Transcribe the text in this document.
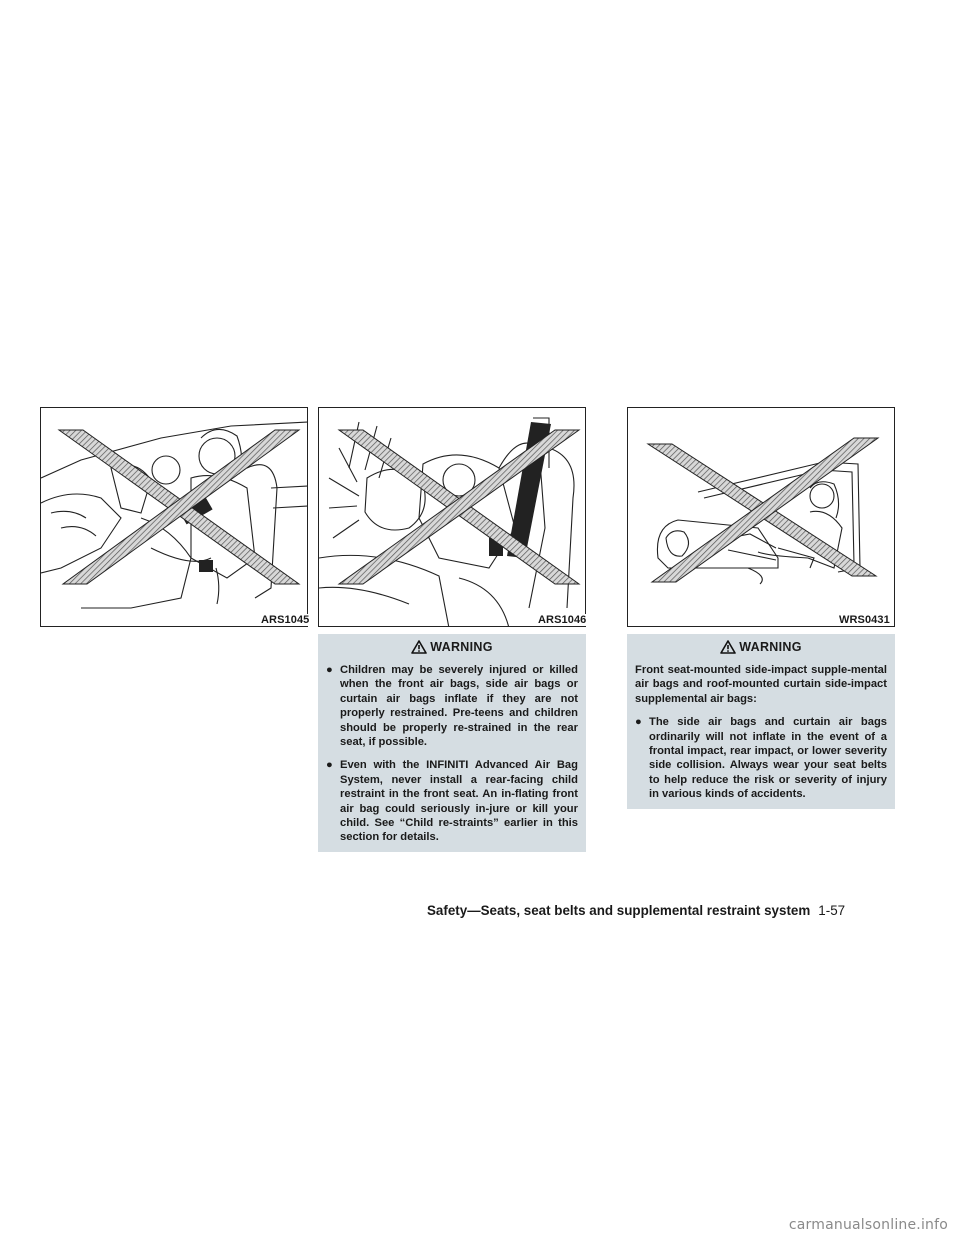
ARS1045	ARS1046	WRS0431
WARNING
● Children may be severely injured or killed when the front air bags, side air bags or curtain air bags inflate if they are not properly restrained. Pre-teens and children should be properly re-strained in the rear seat, if possible.
● Even with the INFINITI Advanced Air Bag System, never install a rear-facing child restraint in the front seat. An in-flating front air bag could seriously in-jure or kill your child. See “Child re-straints” earlier in this section for details.
WARNING

Front seat-mounted side-impact supple-mental air bags and roof-mounted curtain side-impact supplemental air bags:

● The side air bags and curtain air bags ordinarily will not inflate in the event of a frontal impact, rear impact, or lower severity side collision. Always wear your seat belts to help reduce the risk or severity of injury in various kinds of accidents.
Safety—Seats, seat belts and supplemental restraint system 1-57
carmanualsonline.info
